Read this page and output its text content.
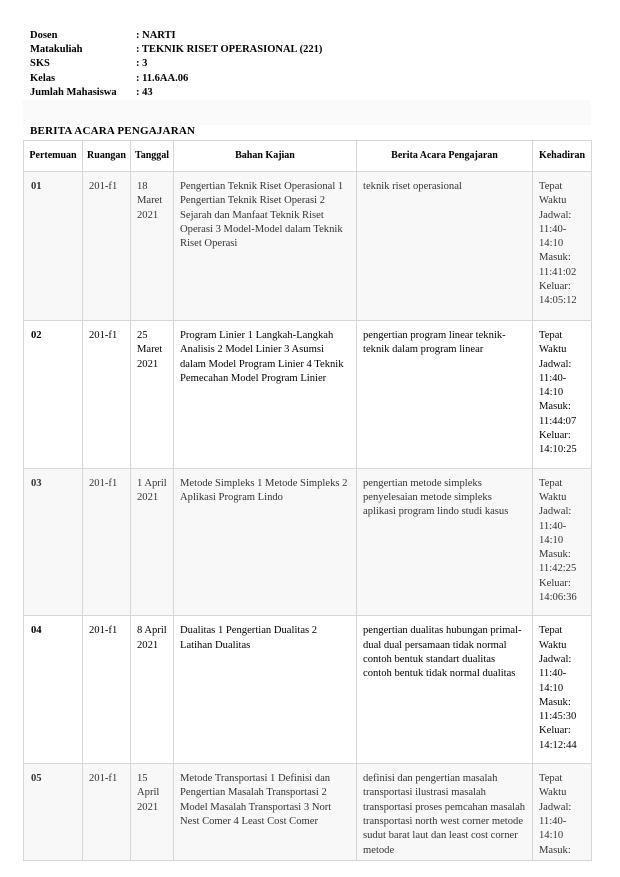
Dosen	: NARTI
Matakuliah	: TEKNIK RISET OPERASIONAL (221)
SKS	: 3
Kelas	: 11.6AA.06
Jumlah Mahasiswa	: 43
BERITA ACARA PENGAJARAN
Pertemuan	Ruangan	Tanggal	Bahan Kajian	Berita Acara Pengajaran	Kehadiran
01	201-f1	18 Maret 2021	Pengertian Teknik Riset Operasional 1 Pengertian Teknik Riset Operasi 2 Sejarah dan Manfaat Teknik Riset Operasi 3 Model-Model dalam Teknik Riset Operasi	teknik riset operasional	Tepat Waktu Jadwal: 11:40-14:10 Masuk: 11:41:02 Keluar: 14:05:12
02	201-f1	25 Maret 2021	Program Linier 1 Langkah-Langkah Analisis 2 Model Linier 3 Asumsi dalam Model Program Linier 4 Teknik Pemecahan Model Program Linier	pengertian program linear teknik-teknik dalam program linear	Tepat Waktu Jadwal: 11:40-14:10 Masuk: 11:44:07 Keluar: 14:10:25
03	201-f1	1 April 2021	Metode Simpleks 1 Metode Simpleks 2 Aplikasi Program Lindo	pengertian metode simpleks penyelesaian metode simpleks aplikasi program lindo studi kasus	Tepat Waktu Jadwal: 11:40-14:10 Masuk: 11:42:25 Keluar: 14:06:36
04	201-f1	8 April 2021	Dualitas 1 Pengertian Dualitas 2 Latihan Dualitas	pengertian dualitas hubungan primal-dual dual persamaan tidak normal contoh bentuk standart dualitas contoh bentuk tidak normal dualitas	Tepat Waktu Jadwal: 11:40-14:10 Masuk: 11:45:30 Keluar: 14:12:44
05	201-f1	15 April 2021	Metode Transportasi 1 Definisi dan Pengertian Masalah Transportasi 2 Model Masalah Transportasi 3 Nort Nest Comer 4 Least Cost Comer	definisi dan pengertian masalah transportasi ilustrasi masalah transportasi proses pemcahan masalah transportasi north west corner metode sudut barat laut dan least cost corner metode	Tepat Waktu Jadwal: 11:40-14:10 Masuk:
